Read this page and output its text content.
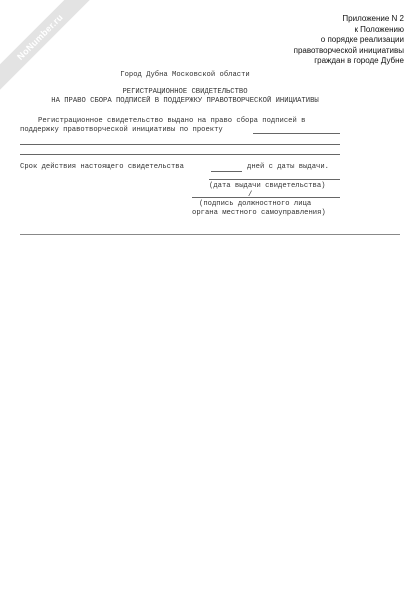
NoNumber.ru	Приложение N 2
к Положению
о порядке реализации
правотворческой инициативы
граждан в городе Дубне
Город Дубна Московской области
РЕГИСТРАЦИОННОЕ СВИДЕТЕЛЬСТВО
НА ПРАВО СБОРА ПОДПИСЕЙ В ПОДДЕРЖКУ ПРАВОТВОРЧЕСКОЙ ИНИЦИАТИВЫ
Регистрационное свидетельство выдано на право сбора подписей в
поддержку правотворческой инициативы по проекту
Срок действия настоящего свидетельства	дней с даты выдачи.
(дата выдачи свидетельства)
/
(подпись должностного лица
органа местного самоуправления)
